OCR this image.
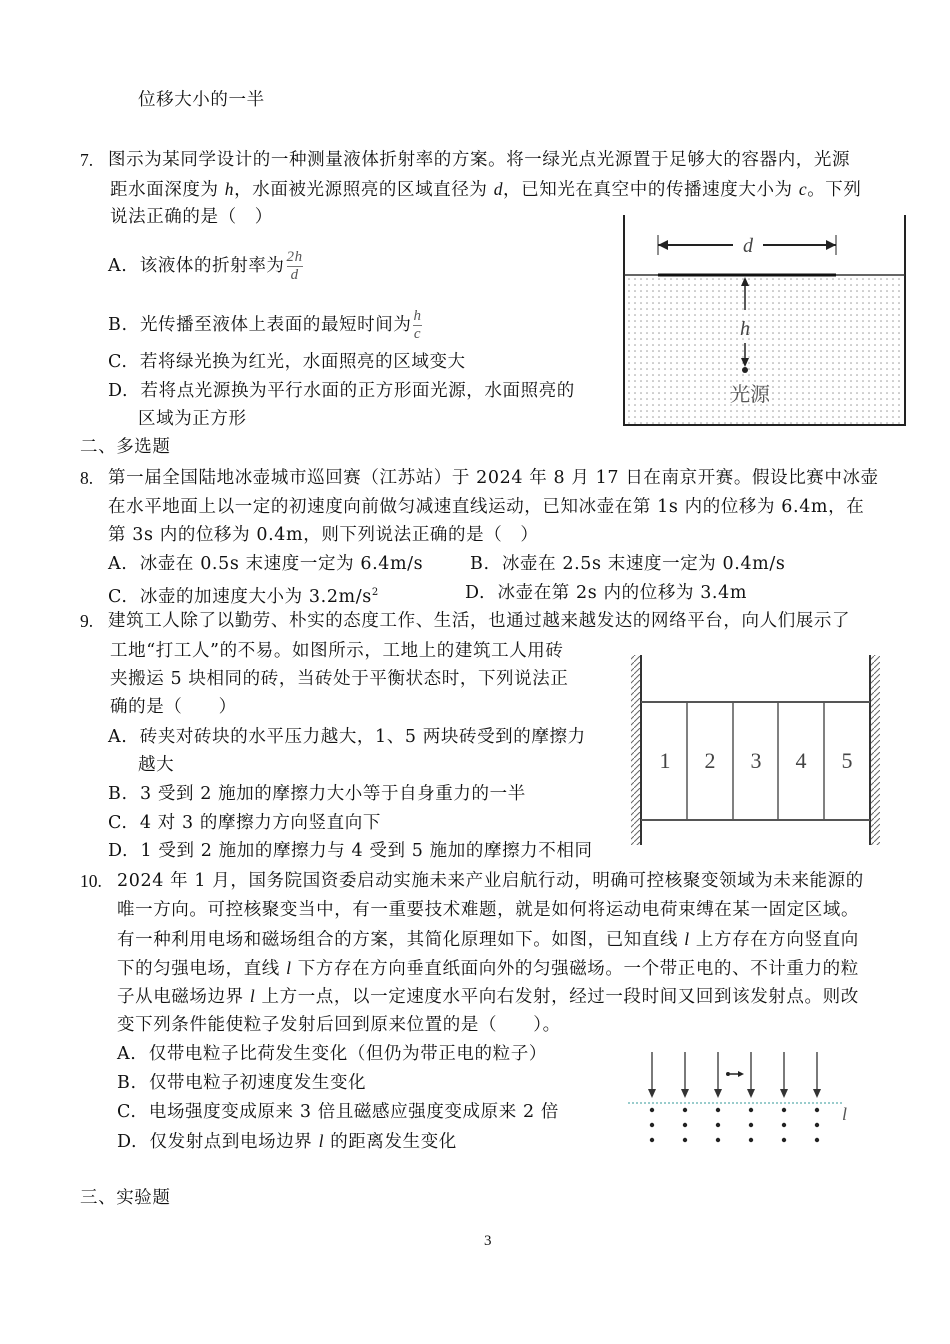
位移大小的一半
7. 图示为某同学设计的一种测量液体折射率的方案。将一绿光点光源置于足够大的容器内，光源
距水面深度为 h，水面被光源照亮的区域直径为 d，已知光在真空中的传播速度大小为 c。下列
说法正确的是（　）
A. 该液体的折射率为 $\frac{2h}{d}$
B. 光传播至液体上表面的最短时间为 $\frac{h}{c}$
C. 若将绿光换为红光，水面照亮的区域变大
D. 若将点光源换为平行水面的正方形面光源，水面照亮的
区域为正方形
d
h
光源
二、多选题
8. 第一届全国陆地冰壶城市巡回赛（江苏站）于 2024 年 8 月 17 日在南京开赛。假设比赛中冰壶
在水平地面上以一定的初速度向前做匀减速直线运动，已知冰壶在第 1s 内的位移为 6.4m，在
第 3s 内的位移为 0.4m，则下列说法正确的是（　）
A. 冰壶在 0.5s 末速度一定为 6.4m/s	B. 冰壶在 2.5s 末速度一定为 0.4m/s
C. 冰壶的加速度大小为 $3.2m/s^2$	D. 冰壶在第 2s 内的位移为 3.4m
9. 建筑工人除了以勤劳、朴实的态度工作、生活，也通过越来越发达的网络平台，向人们展示了
工地“打工人”的不易。如图所示，工地上的建筑工人用砖
夹搬运 5 块相同的砖，当砖处于平衡状态时，下列说法正
确的是（　　）
A. 砖夹对砖块的水平压力越大，1、5 两块砖受到的摩擦力
越大
B. 3 受到 2 施加的摩擦力大小等于自身重力的一半
C. 4 对 3 的摩擦力方向竖直向下
D. 1 受到 2 施加的摩擦力与 4 受到 5 施加的摩擦力不相同
1 2 3 4 5
10. 2024 年 1 月，国务院国资委启动实施未来产业启航行动，明确可控核聚变领域为未来能源的
唯一方向。可控核聚变当中，有一重要技术难题，就是如何将运动电荷束缚在某一固定区域。
有一种利用电场和磁场组合的方案，其简化原理如下。如图，已知直线 l 上方存在方向竖直向
下的匀强电场，直线 l 下方存在方向垂直纸面向外的匀强磁场。一个带正电的、不计重力的粒
子从电磁场边界 l 上方一点，以一定速度水平向右发射，经过一段时间又回到该发射点。则改
变下列条件能使粒子发射后回到原来位置的是（　　）。
A. 仅带电粒子比荷发生变化（但仍为带正电的粒子）
B. 仅带电粒子初速度发生变化
C. 电场强度变成原来 3 倍且磁感应强度变成原来 2 倍
D. 仅发射点到电场边界 l 的距离发生变化
l
三、实验题
3
